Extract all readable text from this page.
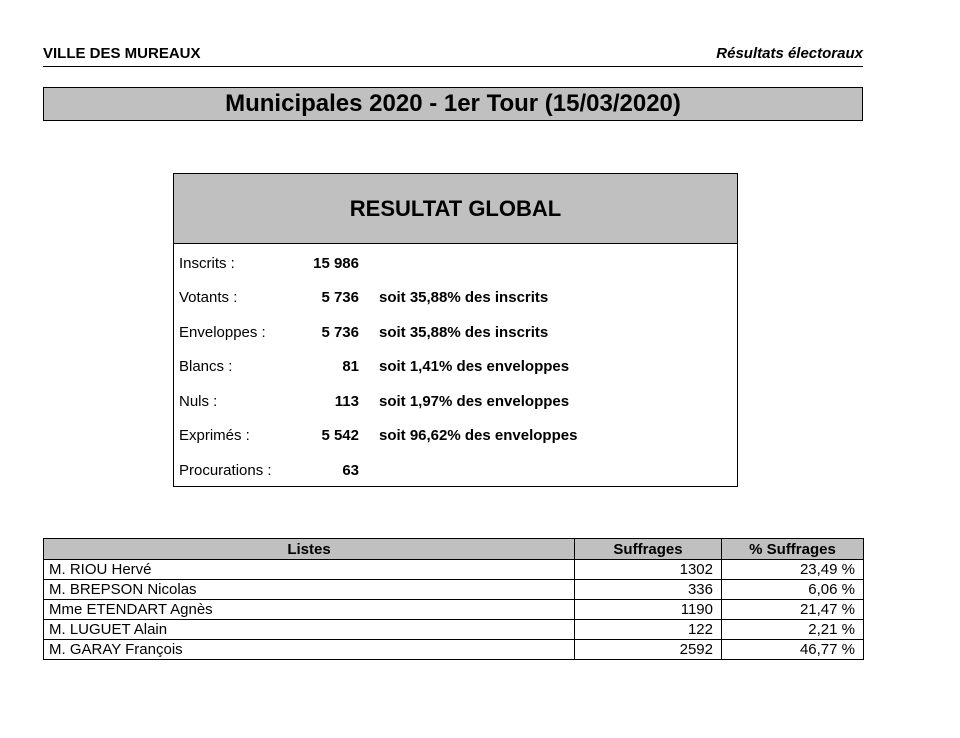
VILLE DES MUREAUX	Résultats électoraux
Municipales 2020 - 1er Tour (15/03/2020)
RESULTAT GLOBAL
Inscrits :	15 986
Votants :	5 736 soit 35,88% des inscrits
Enveloppes :	5 736 soit 35,88% des inscrits
Blancs :	81 soit 1,41% des enveloppes
Nuls :	113 soit 1,97% des enveloppes
Exprimés :	5 542 soit 96,62% des enveloppes
Procurations :	63
Listes	Suffrages	% Suffrages
M. RIOU Hervé	1302	23,49 %
M. BREPSON Nicolas	336	6,06 %
Mme ETENDART Agnès	1190	21,47 %
M. LUGUET Alain	122	2,21 %
M. GARAY François	2592	46,77 %
